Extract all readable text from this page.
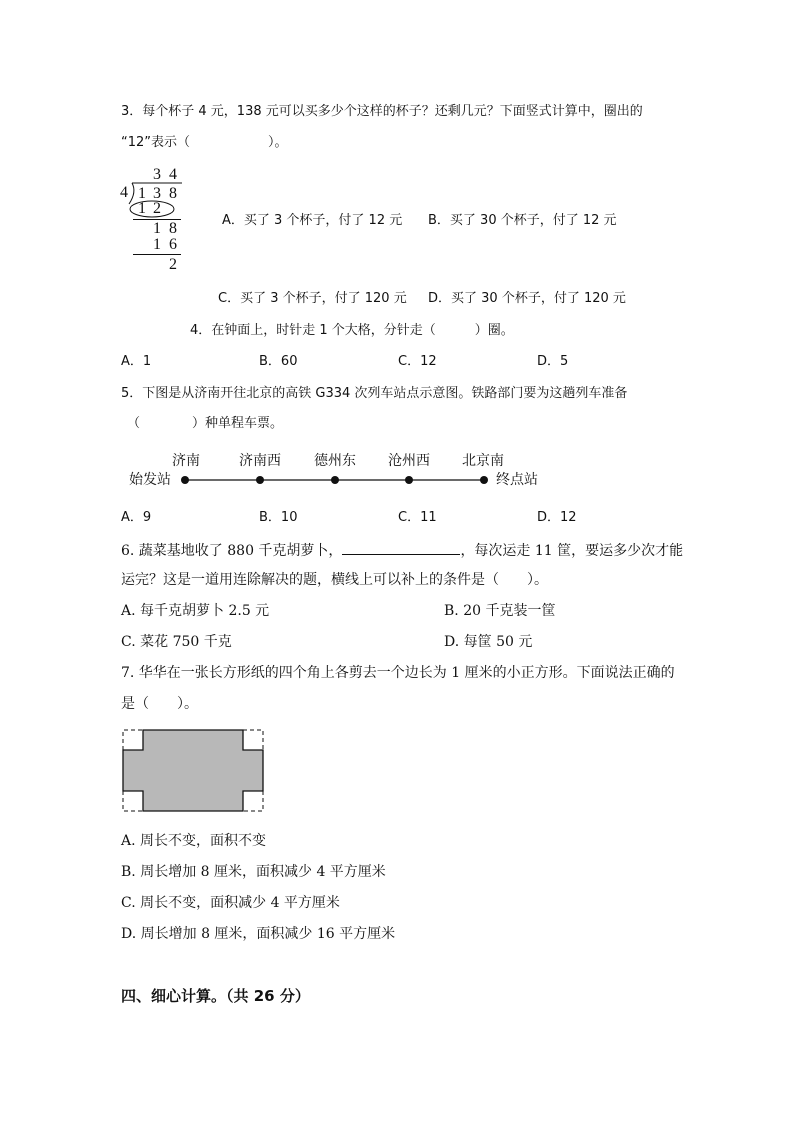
3．每个杯子 4 元，138 元可以买多少个这样的杯子？还剩几元？下面竖式计算中，圈出的
“12”表示（　　　　　　）。
3 4
4 1 3 8
1 2
1 8
1 6
2
A．买了 3 个杯子，付了 12 元 B．买了 30 个杯子，付了 12 元
C．买了 3 个杯子，付了 120 元 D．买了 30 个杯子，付了 120 元
4．在钟面上，时针走 1 个大格，分针走（　　　）圈。
A．1	B．60	C．12	D．5
5．下图是从济南开往北京的高铁 G334 次列车站点示意图。铁路部门要为这趟列车准备
（　　　　）种单程车票。
济南	济南西 德州东 沧州西 北京南
始发站	终点站
A．9	B．10	C．11	D．12
6. 蔬菜基地收了 880 千克胡萝卜，	，每次运走 11 筐，要运多少次才能
运完？这是一道用连除解决的题，横线上可以补上的条件是（　　）。
A. 每千克胡萝卜 2.5 元	B. 20 千克装一筐
C. 菜花 750 千克	D. 每筐 50 元
7. 华华在一张长方形纸的四个角上各剪去一个边长为 1 厘米的小正方形。下面说法正确的
是（　　）。
A. 周长不变，面积不变
B. 周长增加 8 厘米，面积减少 4 平方厘米
C. 周长不变，面积减少 4 平方厘米
D. 周长增加 8 厘米，面积减少 16 平方厘米
四、细心计算。（共 26 分）
